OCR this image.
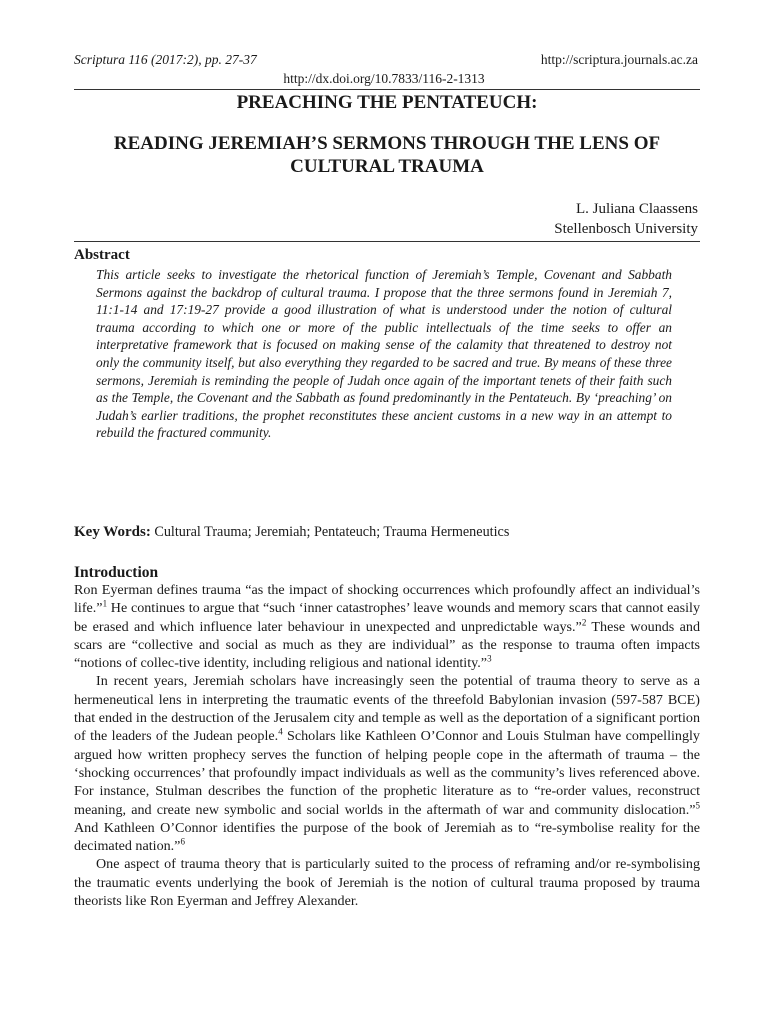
Scriptura 116 (2017:2), pp. 27-37	http://scriptura.journals.ac.za
http://dx.doi.org/10.7833/116-2-1313
PREACHING THE PENTATEUCH:
READING JEREMIAH’S SERMONS THROUGH THE LENS OF CULTURAL TRAUMA
L. Juliana Claassens
Stellenbosch University
Abstract
This article seeks to investigate the rhetorical function of Jeremiah’s Temple, Covenant and Sabbath Sermons against the backdrop of cultural trauma. I propose that the three sermons found in Jeremiah 7, 11:1-14 and 17:19-27 provide a good illustration of what is understood under the notion of cultural trauma according to which one or more of the public intellectuals of the time seeks to offer an interpretative framework that is focused on making sense of the calamity that threatened to destroy not only the community itself, but also everything they regarded to be sacred and true. By means of these three sermons, Jeremiah is reminding the people of Judah once again of the important tenets of their faith such as the Temple, the Covenant and the Sabbath as found predominantly in the Pentateuch. By ‘preaching’ on Judah’s earlier traditions, the prophet reconstitutes these ancient customs in a new way in an attempt to rebuild the fractured community.
Key Words: Cultural Trauma; Jeremiah; Pentateuch; Trauma Hermeneutics
Introduction

Ron Eyerman defines trauma “as the impact of shocking occurrences which profoundly affect an individual’s life.”$^1$ He continues to argue that “such ‘inner catastrophes’ leave wounds and memory scars that cannot easily be erased and which influence later behaviour in unexpected and unpredictable ways.”$^2$ These wounds and scars are “collective and social as much as they are individual” as the response to trauma often impacts “notions of collec-tive identity, including religious and national identity.”$^3$

In recent years, Jeremiah scholars have increasingly seen the potential of trauma theory to serve as a hermeneutical lens in interpreting the traumatic events of the threefold Babylonian invasion (597-587 BCE) that ended in the destruction of the Jerusalem city and temple as well as the deportation of a significant portion of the leaders of the Judean people.$^4$ Scholars like Kathleen O’Connor and Louis Stulman have compellingly argued how written prophecy serves the function of helping people cope in the aftermath of trauma – the ‘shocking occurrences’ that profoundly impact individuals as well as the community’s lives referenced above. For instance, Stulman describes the function of the prophetic literature as to “re-order values, reconstruct meaning, and create new symbolic and social worlds in the aftermath of war and community dislocation.”$^5$ And Kathleen O’Connor identifies the purpose of the book of Jeremiah as to “re-symbolise reality for the decimated nation.”$^6$

One aspect of trauma theory that is particularly suited to the process of reframing and/or re-symbolising the traumatic events underlying the book of Jeremiah is the notion of cultural trauma proposed by trauma theorists like Ron Eyerman and Jeffrey Alexander.
